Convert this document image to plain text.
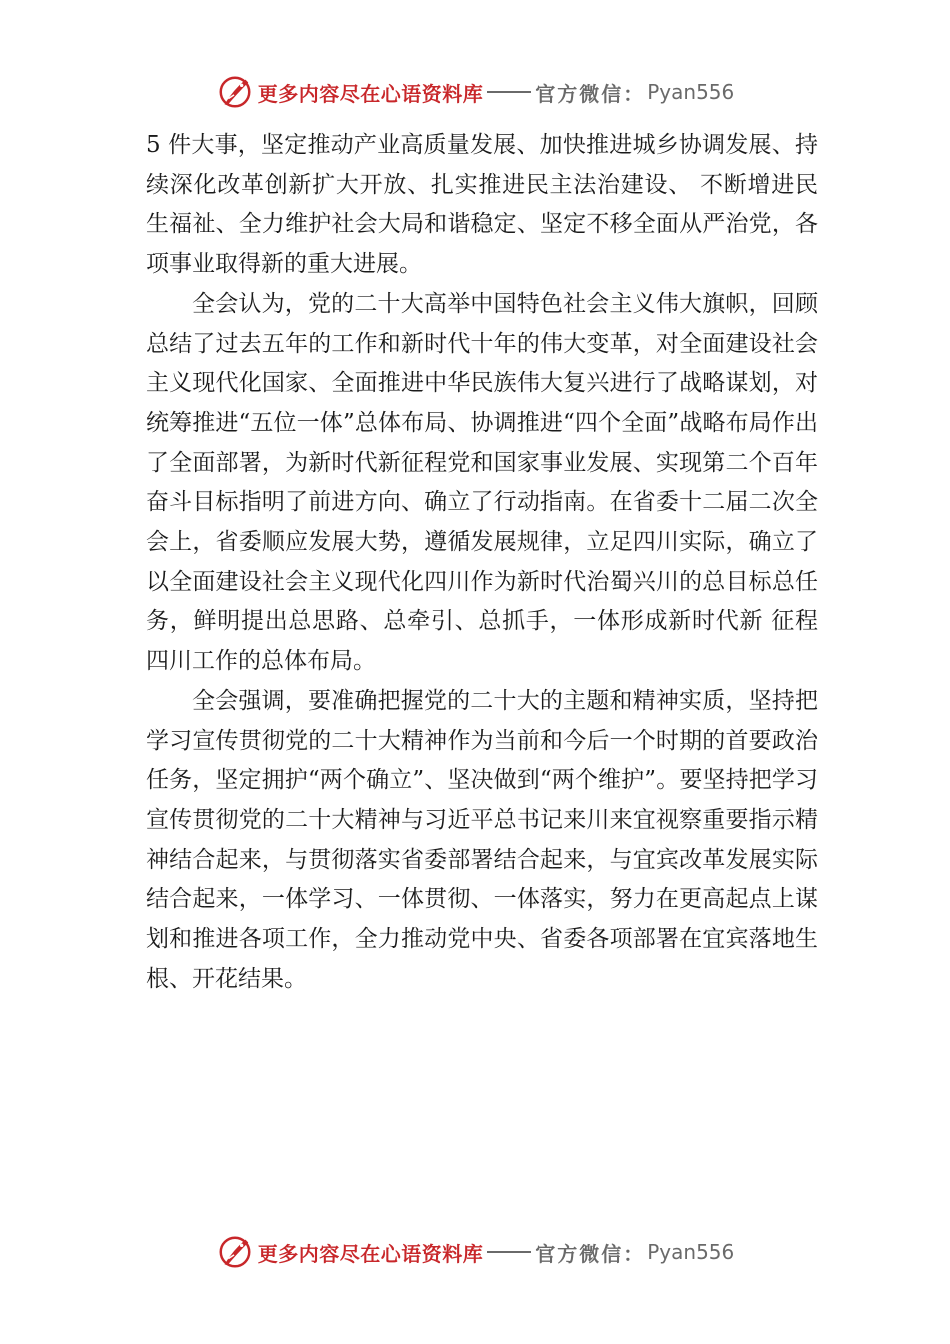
更多内容尽在心语资料库	官方微信： Pyan556

5 件大事，坚定推动产业高质量发展、加快推进城乡协调发展、持续深化改革创新扩大开放、扎实推进民主法治建设、 不断增进民生福祉、全力维护社会大局和谐稳定、坚定不移全面从严治党，各项事业取得新的重大进展。

全会认为，党的二十大高举中国特色社会主义伟大旗帜，回顾总结了过去五年的工作和新时代十年的伟大变革，对全面建设社会主义现代化国家、全面推进中华民族伟大复兴进行了战略谋划，对统筹推进“五位一体”总体布局、协调推进“四个全面”战略布局作出了全面部署，为新时代新征程党和国家事业发展、实现第二个百年奋斗目标指明了前进方向、确立了行动指南。在省委十二届二次全会上，省委顺应发展大势，遵循发展规律，立足四川实际，确立了以全面建设社会主义现代化四川作为新时代治蜀兴川的总目标总任务，鲜明提出总思路、总牵引、总抓手，一体形成新时代新 征程四川工作的总体布局。

全会强调，要准确把握党的二十大的主题和精神实质，坚持把学习宣传贯彻党的二十大精神作为当前和今后一个时期的首要政治任务，坚定拥护“两个确立”、坚决做到“两个维护”。要坚持把学习宣传贯彻党的二十大精神与习近平总书记来川来宜视察重要指示精神结合起来，与贯彻落实省委部署结合起来，与宜宾改革发展实际结合起来，一体学习、一体贯彻、一体落实，努力在更高起点上谋划和推进各项工作，全力推动党中央、省委各项部署在宜宾落地生根、开花结果。

更多内容尽在心语资料库	官方微信： Pyan556
